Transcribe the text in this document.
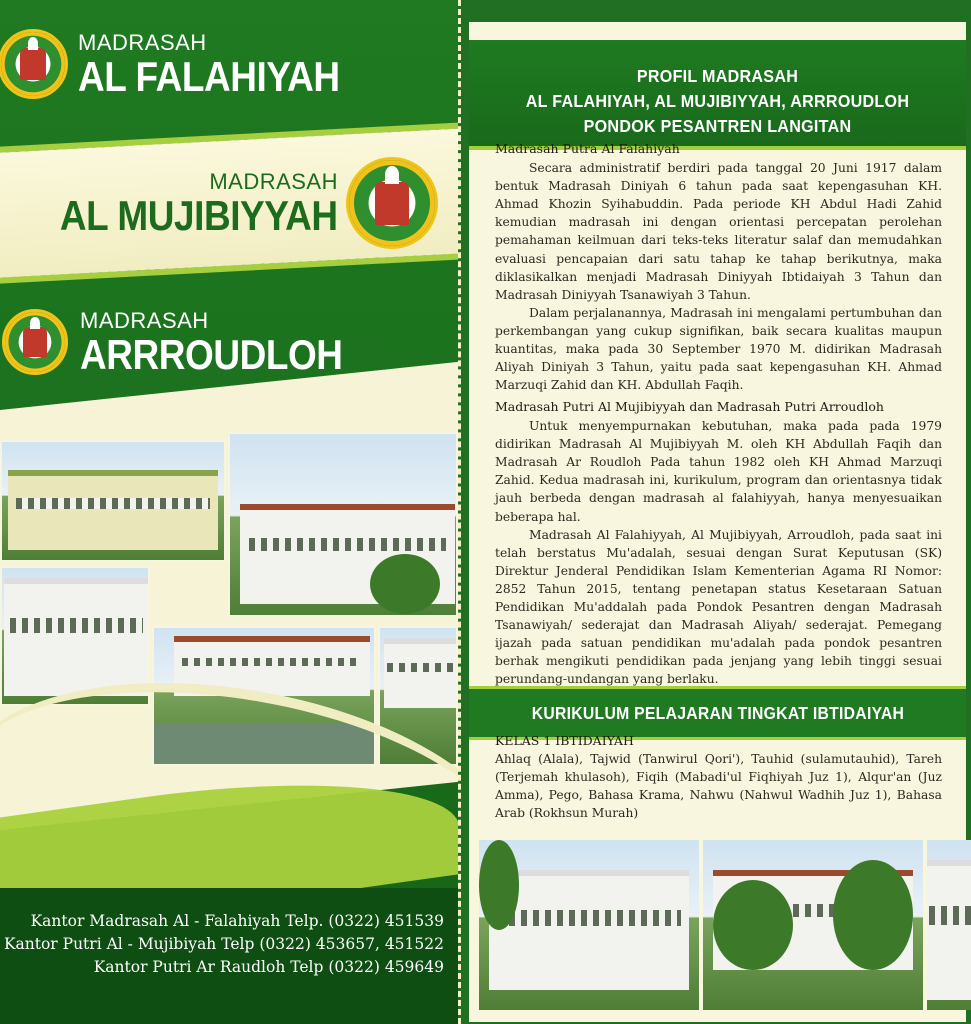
MADRASAH
AL FALAHIYAH
MADRASAH
AL MUJIBIYYAH
MADRASAH
ARRROUDLOH
Kantor Madrasah Al - Falahiyah Telp. (0322) 451539
Kantor Putri Al - Mujibiyah Telp (0322) 453657, 451522
Kantor Putri Ar Raudloh Telp (0322) 459649
PROFIL MADRASAH
AL FALAHIYAH, AL MUJIBIYYAH, ARRROUDLOH
PONDOK PESANTREN LANGITAN
Madrasah Putra Al Falahiyah

Secara administratif berdiri pada tanggal 20 Juni 1917 dalam bentuk Madrasah Diniyah 6 tahun pada saat kepengasuhan KH. Ahmad Khozin Syihabuddin. Pada periode KH Abdul Hadi Zahid kemudian madrasah ini dengan orientasi percepatan perolehan pemahaman keilmuan dari teks-teks literatur salaf dan memudahkan evaluasi pencapaian dari satu tahap ke tahap berikutnya, maka diklasikalkan menjadi Madrasah Diniyyah Ibtidaiyah 3 Tahun dan Madrasah Diniyyah Tsanawiyah 3 Tahun.

Dalam perjalanannya, Madrasah ini mengalami pertumbuhan dan perkembangan yang cukup signifikan, baik secara kualitas maupun kuantitas, maka pada 30 September 1970 M. didirikan Madrasah Aliyah Diniyah 3 Tahun, yaitu pada saat kepengasuhan KH. Ahmad Marzuqi Zahid dan KH. Abdullah Faqih.

Madrasah Putri Al Mujibiyyah dan Madrasah Putri Arroudloh

Untuk menyempurnakan kebutuhan, maka pada pada 1979 didirikan Madrasah Al Mujibiyyah M. oleh KH Abdullah Faqih dan Madrasah Ar Roudloh Pada tahun 1982 oleh KH Ahmad Marzuqi Zahid. Kedua madrasah ini, kurikulum, program dan orientasnya tidak jauh berbeda dengan madrasah al falahiyyah, hanya menyesuaikan beberapa hal.

Madrasah Al Falahiyyah, Al Mujibiyyah, Arroudloh, pada saat ini telah berstatus Mu'adalah, sesuai dengan Surat Keputusan (SK) Direktur Jenderal Pendidikan Islam Kementerian Agama RI Nomor: 2852 Tahun 2015, tentang penetapan status Kesetaraan Satuan Pendidikan Mu'addalah pada Pondok Pesantren dengan Madrasah Tsanawiyah/ sederajat dan Madrasah Aliyah/ sederajat. Pemegang ijazah pada satuan pendidikan mu'adalah pada pondok pesantren berhak mengikuti pendidikan pada jenjang yang lebih tinggi sesuai perundang-undangan yang berlaku.

KURIKULUM PELAJARAN TINGKAT IBTIDAIYAH
KELAS 1 IBTIDAIYAH

Ahlaq (Alala), Tajwid (Tanwirul Qori'), Tauhid (sulamutauhid), Tareh (Terjemah khulasoh), Fiqih (Mabadi'ul Fiqhiyah Juz 1), Alqur'an (Juz Amma), Pego, Bahasa Krama, Nahwu (Nahwul Wadhih Juz 1), Bahasa Arab (Rokhsun Murah)
